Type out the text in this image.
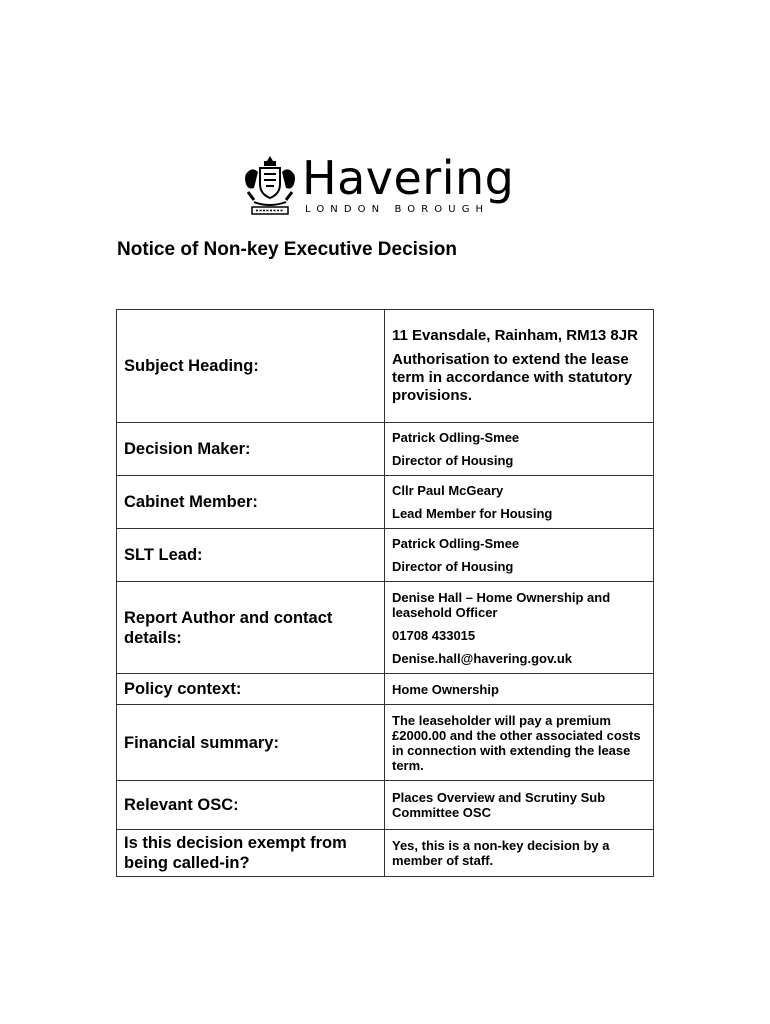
Havering
LONDON BOROUGH
Notice of Non-key Executive Decision
Subject Heading:	11 Evansdale, Rainham, RM13 8JR

Authorisation to extend the lease term in accordance with statutory provisions.

Decision Maker:	Patrick Odling-Smee

Director of Housing

Cabinet Member:	Cllr Paul McGeary

Lead Member for Housing

SLT Lead:	Patrick Odling-Smee

Director of Housing

Report Author and contact details:	Denise Hall – Home Ownership and leasehold Officer

01708 433015

Denise.hall@havering.gov.uk

Policy context:	Home Ownership

Financial summary:	The leaseholder will pay a premium £2000.00 and the other associated costs in connection with extending the lease term.

Relevant OSC:	Places Overview and Scrutiny Sub Committee OSC

Is this decision exempt from being called-in?	Yes, this is a non-key decision by a member of staff.
